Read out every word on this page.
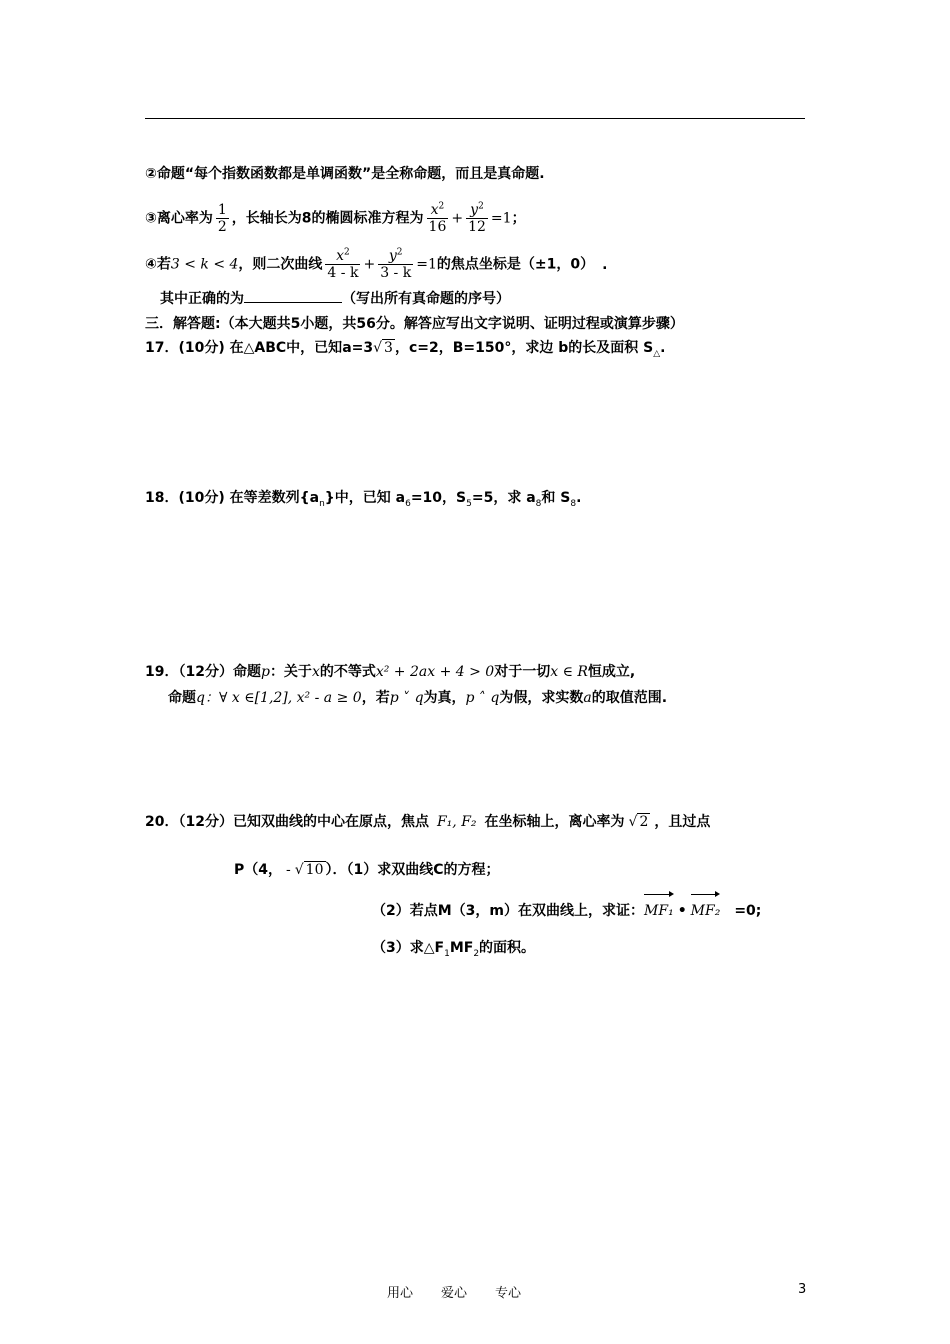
②命题“每个指数函数都是单调函数”是全称命题，而且是真命题.
③离心率为 $\frac{1}{2}$ ，长轴长为8的椭圆标准方程为 $\frac{x^2}{16} + \frac{y^2}{12} =1$；
④若3 < k < 4，则二次曲线 $\frac{x^2}{4 - k} + \frac{y^2}{3 - k} =1$的焦点坐标是（±1，0） .
其中正确的为	（写出所有真命题的序号）
三．解答题:（本大题共5小题，共56分。解答应写出文字说明、证明过程或演算步骤）
17．(10分) 在△ABC中，已知a=3√ 3 ，c=2，B=150°，求边 b的长及面积 $S_\triangle$.
18．(10分) 在等差数列$\{a_n\}$中，已知 $a_6=10$，$S_5=5$，求 $a_8$和 $S_8$.
19．（12分）命题p：关于x的不等式x² + 2ax + 4 > 0对于一切x ∈ R恒成立,
命题q：∀ x ∈[1,2], x² - a ≥ 0，若p ˅ q为真，p ˄ q为假，求实数a的取值范围.
20．（12分）已知双曲线的中心在原点，焦点 F₁, F₂ 在坐标轴上，离心率为 √ 2 ，且过点
P（4， - √ 10 ）．（1）求双曲线C的方程；
（2）若点M（3，m）在双曲线上，求证：MF₁ • MF₂ =0;
（3）求$\triangle F_1MF_2$的面积。
用心 爱心 专心	3
